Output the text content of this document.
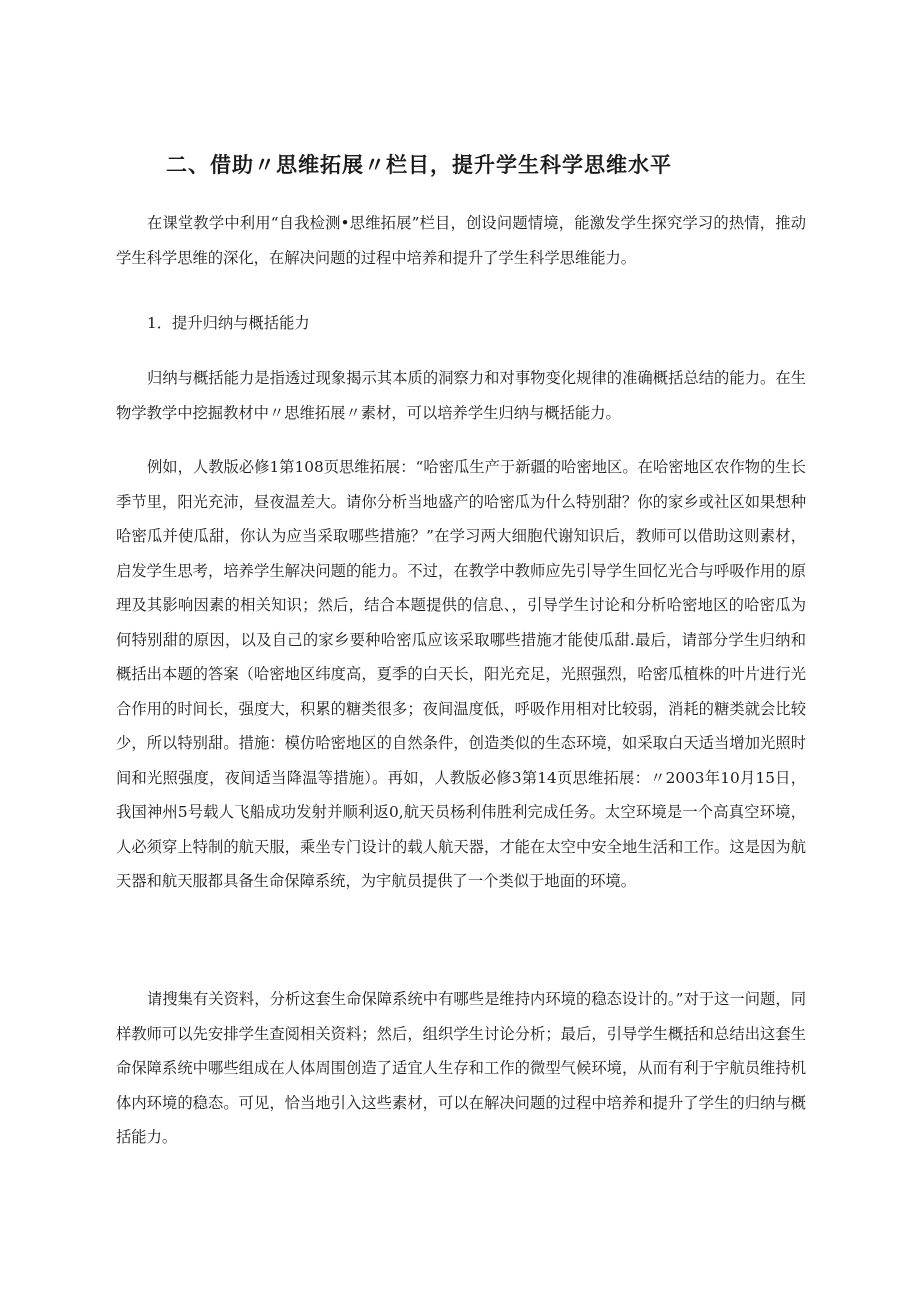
二、借助〃思维拓展〃栏目，提升学生科学思维水平

在课堂教学中利用“自我检测•思维拓展”栏目，创设问题情境，能激发学生探究学习的热情，推动学生科学思维的深化，在解决问题的过程中培养和提升了学生科学思维能力。

1．提升归纳与概括能力

归纳与概括能力是指透过现象揭示其本质的洞察力和对事物变化规律的准确概括总结的能力。在生物学教学中挖掘教材中〃思维拓展〃素材，可以培养学生归纳与概括能力。

例如，人教版必修1第108页思维拓展：“哈密瓜生产于新疆的哈密地区。在哈密地区农作物的生长季节里，阳光充沛，昼夜温差大。请你分析当地盛产的哈密瓜为什么特别甜？你的家乡或社区如果想种哈密瓜并使瓜甜，你认为应当采取哪些措施？”在学习两大细胞代谢知识后，教师可以借助这则素材，启发学生思考，培养学生解决问题的能力。不过，在教学中教师应先引导学生回忆光合与呼吸作用的原理及其影响因素的相关知识；然后，结合本题提供的信息、，引导学生讨论和分析哈密地区的哈密瓜为何特别甜的原因，以及自己的家乡要种哈密瓜应该采取哪些措施才能使瓜甜.最后，请部分学生归纳和概括出本题的答案（哈密地区纬度高，夏季的白天长，阳光充足，光照强烈，哈密瓜植株的叶片进行光合作用的时间长，强度大，积累的糖类很多；夜间温度低，呼吸作用相对比较弱，消耗的糖类就会比较少，所以特别甜。措施：模仿哈密地区的自然条件，创造类似的生态环境，如采取白天适当增加光照时间和光照强度，夜间适当降温等措施）。再如，人教版必修3第14页思维拓展：〃2003年10月15日，我国神州5号载人飞船成功发射并顺利返0,航天员杨利伟胜利完成任务。太空环境是一个高真空环境，人必须穿上特制的航天服，乘坐专门设计的载人航天器，才能在太空中安全地生活和工作。这是因为航天器和航天服都具备生命保障系统，为宇航员提供了一个类似于地面的环境。

请搜集有关资料，分析这套生命保障系统中有哪些是维持内环境的稳态设计的。”对于这一问题，同样教师可以先安排学生查阅相关资料；然后，组织学生讨论分析；最后，引导学生概括和总结出这套生命保障系统中哪些组成在人体周围创造了适宜人生存和工作的微型气候环境，从而有利于宇航员维持机体内环境的稳态。可见，恰当地引入这些素材，可以在解决问题的过程中培养和提升了学生的归纳与概括能力。
